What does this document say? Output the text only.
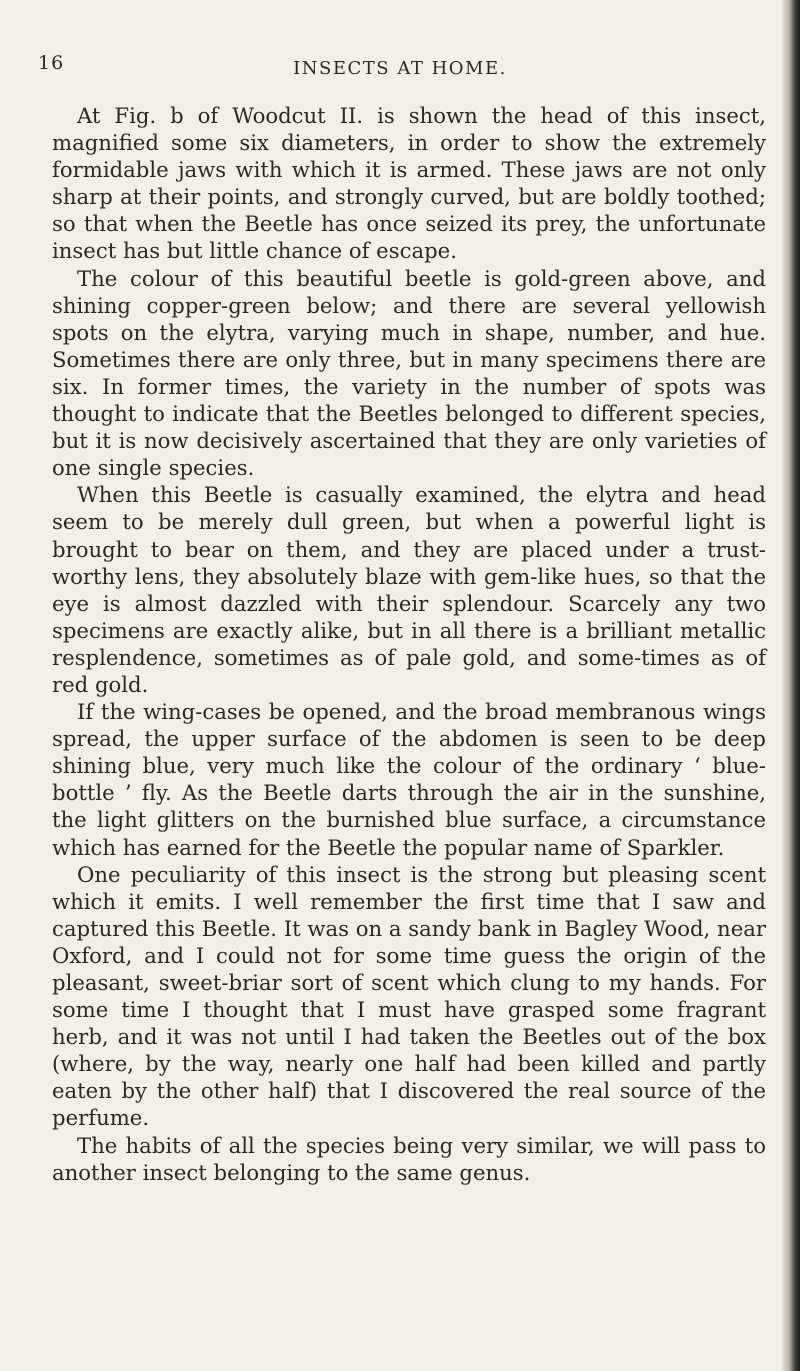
16	INSECTS AT HOME.

At Fig. b of Woodcut II. is shown the head of this insect, magnified some six diameters, in order to show the extremely formidable jaws with which it is armed. These jaws are not only sharp at their points, and strongly curved, but are boldly toothed; so that when the Beetle has once seized its prey, the unfortunate insect has but little chance of escape.

The colour of this beautiful beetle is gold-green above, and shining copper-green below; and there are several yellowish spots on the elytra, varying much in shape, number, and hue. Sometimes there are only three, but in many specimens there are six. In former times, the variety in the number of spots was thought to indicate that the Beetles belonged to different species, but it is now decisively ascertained that they are only varieties of one single species.

When this Beetle is casually examined, the elytra and head seem to be merely dull green, but when a powerful light is brought to bear on them, and they are placed under a trust-worthy lens, they absolutely blaze with gem-like hues, so that the eye is almost dazzled with their splendour. Scarcely any two specimens are exactly alike, but in all there is a brilliant metallic resplendence, sometimes as of pale gold, and some-times as of red gold.

If the wing-cases be opened, and the broad membranous wings spread, the upper surface of the abdomen is seen to be deep shining blue, very much like the colour of the ordinary ‘ blue-bottle ’ fly. As the Beetle darts through the air in the sunshine, the light glitters on the burnished blue surface, a circumstance which has earned for the Beetle the popular name of Sparkler.

One peculiarity of this insect is the strong but pleasing scent which it emits. I well remember the first time that I saw and captured this Beetle. It was on a sandy bank in Bagley Wood, near Oxford, and I could not for some time guess the origin of the pleasant, sweet-briar sort of scent which clung to my hands. For some time I thought that I must have grasped some fragrant herb, and it was not until I had taken the Beetles out of the box (where, by the way, nearly one half had been killed and partly eaten by the other half) that I discovered the real source of the perfume.

The habits of all the species being very similar, we will pass to another insect belonging to the same genus.
